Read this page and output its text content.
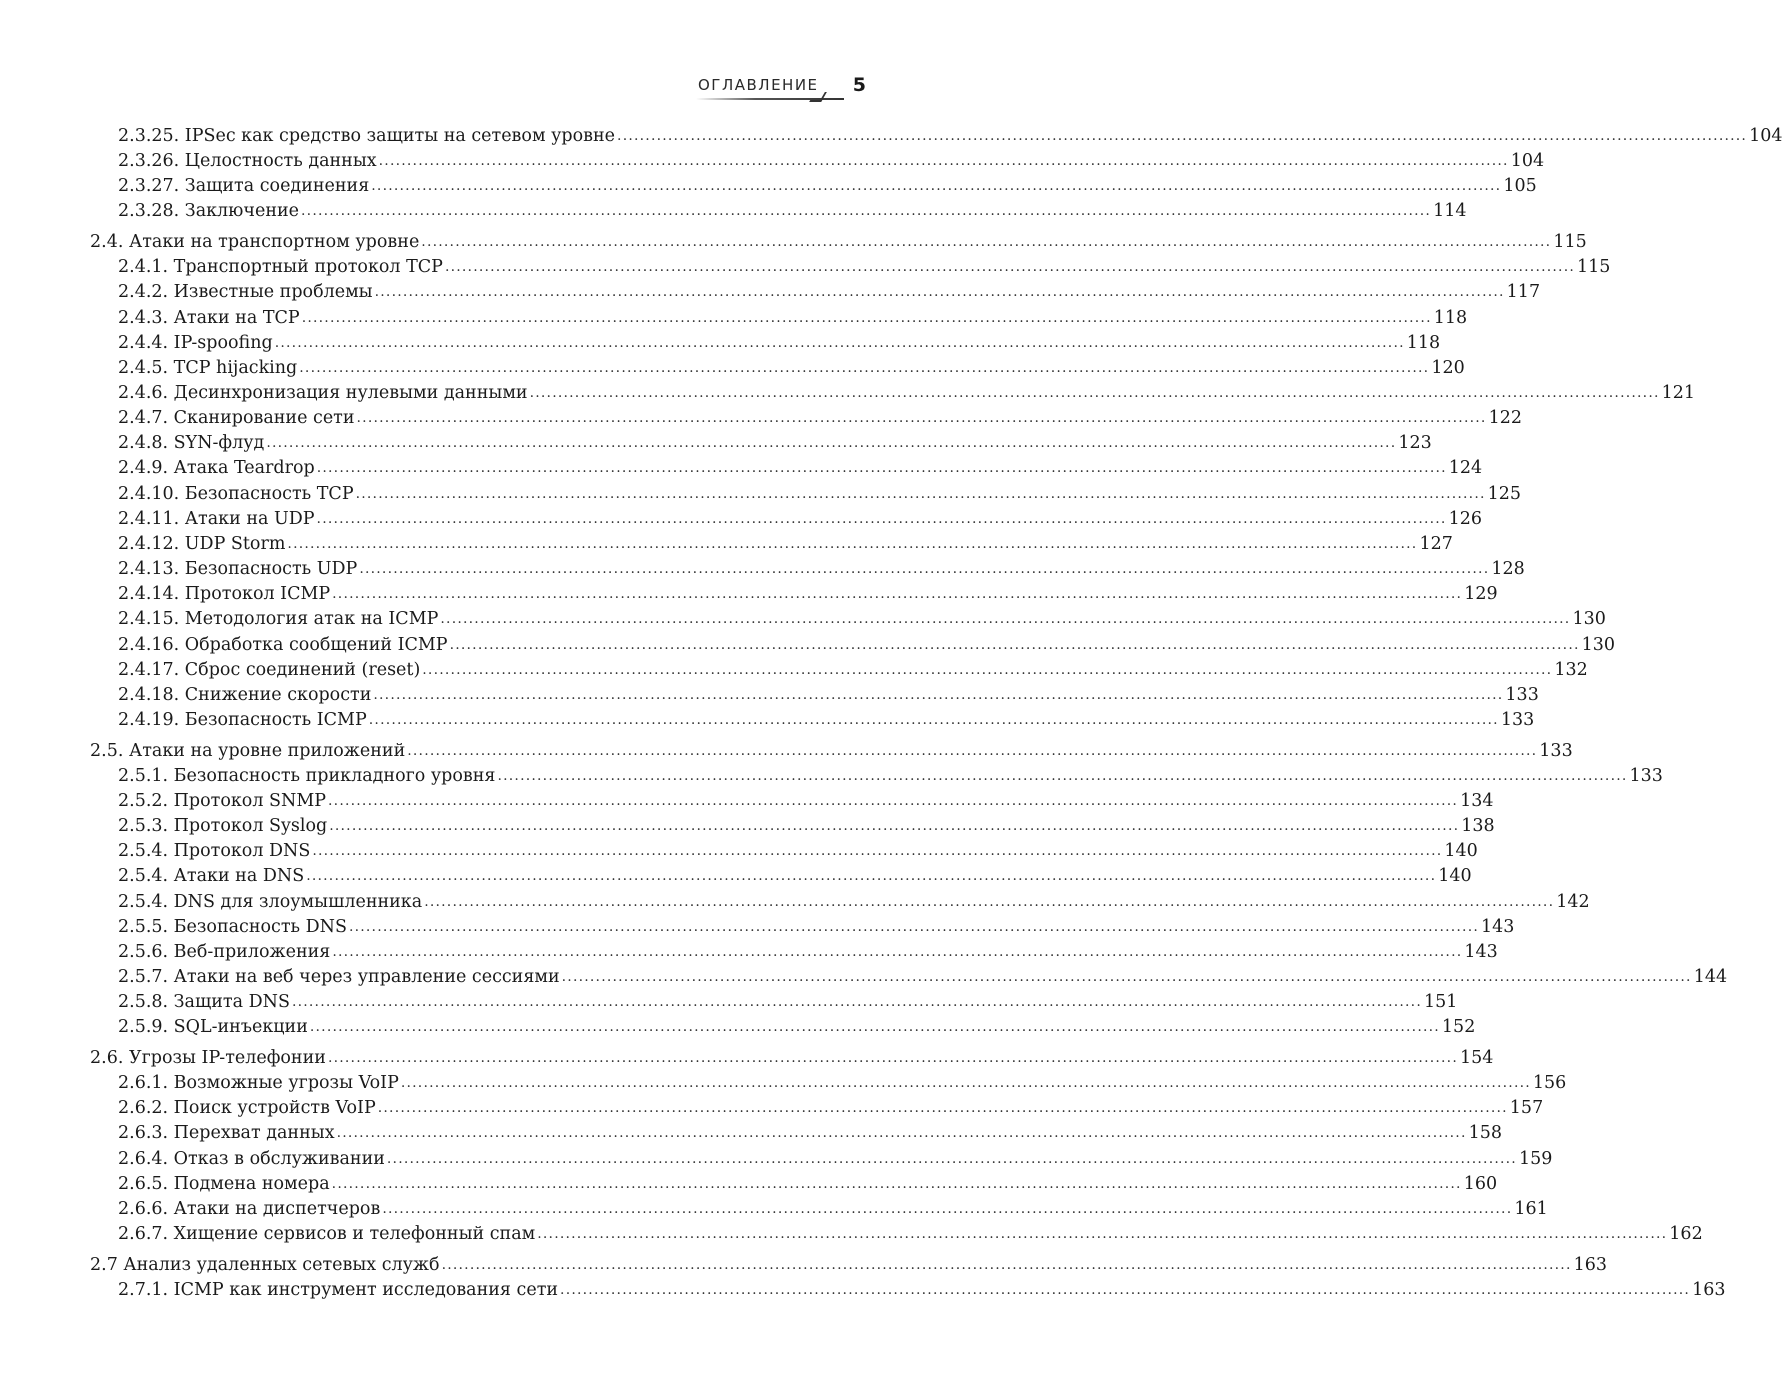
ОГЛАВЛЕНИЕ 5
2.3.25. IPSec как средство защиты на сетевом уровне ........................................................................................................................................................................................................ 104
2.3.26. Целостность данных ........................................................................................................................................................................................................ 104
2.3.27. Защита соединения ........................................................................................................................................................................................................ 105
2.3.28. Заключение ........................................................................................................................................................................................................ 114
2.4. Атаки на транспортном уровне ........................................................................................................................................................................................................ 115
2.4.1. Транспортный протокол TCP ........................................................................................................................................................................................................ 115
2.4.2. Известные проблемы ........................................................................................................................................................................................................ 117
2.4.3. Атаки на TCP ........................................................................................................................................................................................................ 118
2.4.4. IP-spoofing ........................................................................................................................................................................................................ 118
2.4.5. TCP hijacking ........................................................................................................................................................................................................ 120
2.4.6. Десинхронизация нулевыми данными ........................................................................................................................................................................................................ 121
2.4.7. Сканирование сети ........................................................................................................................................................................................................ 122
2.4.8. SYN-флуд ........................................................................................................................................................................................................ 123
2.4.9. Атака Teardrop ........................................................................................................................................................................................................ 124
2.4.10. Безопасность TCP ........................................................................................................................................................................................................ 125
2.4.11. Атаки на UDP ........................................................................................................................................................................................................ 126
2.4.12. UDP Storm ........................................................................................................................................................................................................ 127
2.4.13. Безопасность UDP ........................................................................................................................................................................................................ 128
2.4.14. Протокол ICMP ........................................................................................................................................................................................................ 129
2.4.15. Методология атак на ICMP ........................................................................................................................................................................................................ 130
2.4.16. Обработка сообщений ICMP ........................................................................................................................................................................................................ 130
2.4.17. Сброс соединений (reset) ........................................................................................................................................................................................................ 132
2.4.18. Снижение скорости ........................................................................................................................................................................................................ 133
2.4.19. Безопасность ICMP ........................................................................................................................................................................................................ 133
2.5. Атаки на уровне приложений ........................................................................................................................................................................................................ 133
2.5.1. Безопасность прикладного уровня ........................................................................................................................................................................................................ 133
2.5.2. Протокол SNMP ........................................................................................................................................................................................................ 134
2.5.3. Протокол Syslog ........................................................................................................................................................................................................ 138
2.5.4. Протокол DNS ........................................................................................................................................................................................................ 140
2.5.4. Атаки на DNS ........................................................................................................................................................................................................ 140
2.5.4. DNS для злоумышленника ........................................................................................................................................................................................................ 142
2.5.5. Безопасность DNS ........................................................................................................................................................................................................ 143
2.5.6. Веб-приложения ........................................................................................................................................................................................................ 143
2.5.7. Атаки на веб через управление сессиями ........................................................................................................................................................................................................ 144
2.5.8. Защита DNS ........................................................................................................................................................................................................ 151
2.5.9. SQL-инъекции ........................................................................................................................................................................................................ 152
2.6. Угрозы IP-телефонии ........................................................................................................................................................................................................ 154
2.6.1. Возможные угрозы VoIP ........................................................................................................................................................................................................ 156
2.6.2. Поиск устройств VoIP ........................................................................................................................................................................................................ 157
2.6.3. Перехват данных ........................................................................................................................................................................................................ 158
2.6.4. Отказ в обслуживании ........................................................................................................................................................................................................ 159
2.6.5. Подмена номера ........................................................................................................................................................................................................ 160
2.6.6. Атаки на диспетчеров ........................................................................................................................................................................................................ 161
2.6.7. Хищение сервисов и телефонный спам ........................................................................................................................................................................................................ 162
2.7 Анализ удаленных сетевых служб ........................................................................................................................................................................................................ 163
2.7.1. ICMP как инструмент исследования сети ........................................................................................................................................................................................................ 163
